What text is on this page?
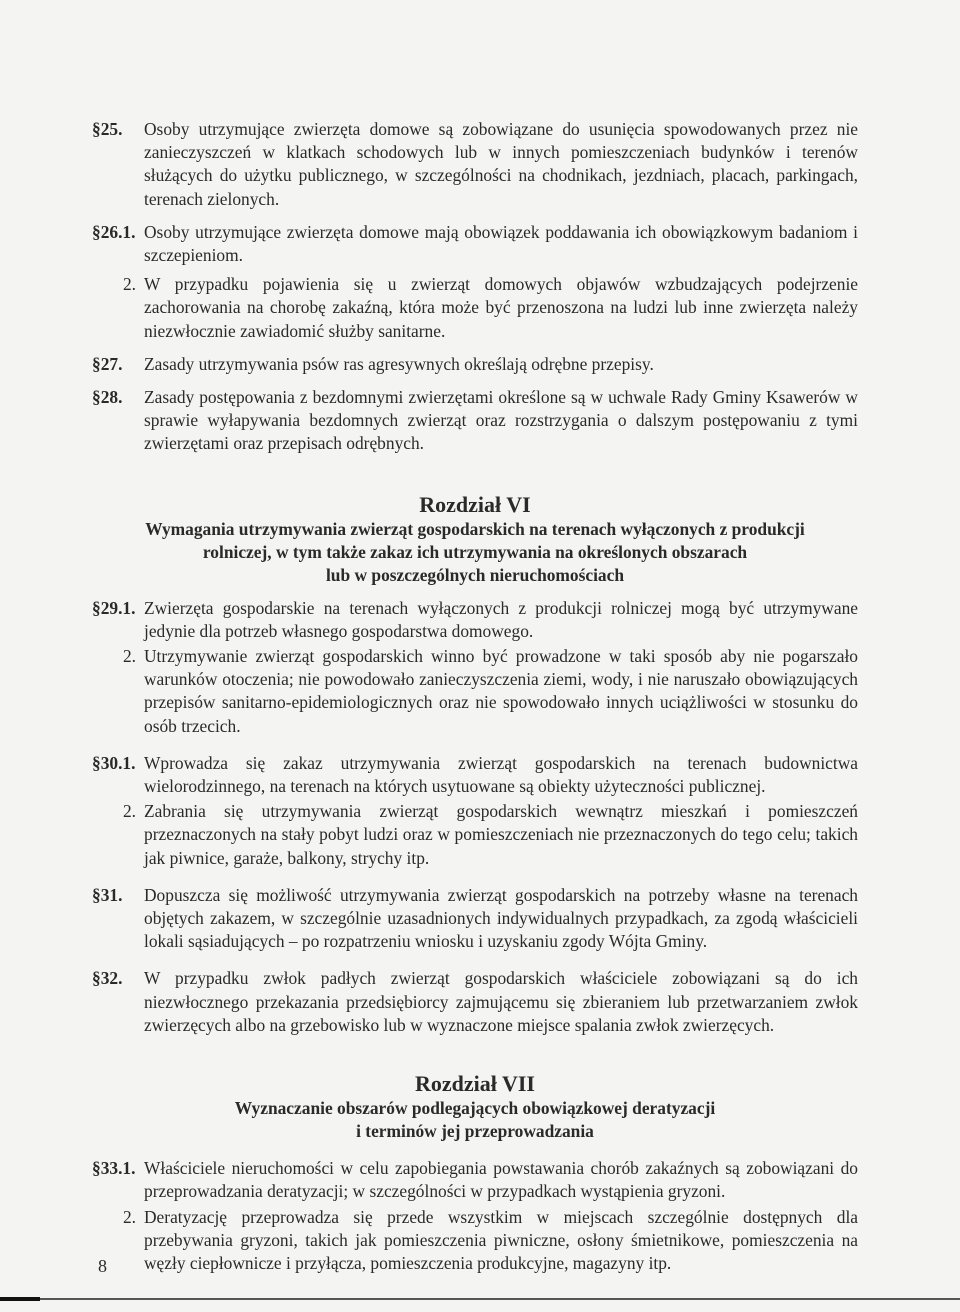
§25.	Osoby utrzymujące zwierzęta domowe są zobowiązane do usunięcia spowodowanych przez nie zanieczyszczeń w klatkach schodowych lub w innych pomieszczeniach budynków i terenów służących do użytku publicznego, w szczególności na chodnikach, jezdniach, placach, parkingach, terenach zielonych.
§26.1. Osoby utrzymujące zwierzęta domowe mają obowiązek poddawania ich obowiązkowym badaniom i szczepieniom.
2. W przypadku pojawienia się u zwierząt domowych objawów wzbudzających podejrzenie zachorowania na chorobę zakaźną, która może być przenoszona na ludzi lub inne zwierzęta należy niezwłocznie zawiadomić służby sanitarne.
§27.	Zasady utrzymywania psów ras agresywnych określają odrębne przepisy.
§28.	Zasady postępowania z bezdomnymi zwierzętami określone są w uchwale Rady Gminy Ksawerów w sprawie wyłapywania bezdomnych zwierząt oraz rozstrzygania o dalszym postępowaniu z tymi zwierzętami oraz przepisach odrębnych.
Rozdział VI
Wymagania utrzymywania zwierząt gospodarskich na terenach wyłączonych z produkcji
rolniczej, w tym także zakaz ich utrzymywania na określonych obszarach
lub w poszczególnych nieruchomościach
§29.1. Zwierzęta gospodarskie na terenach wyłączonych z produkcji rolniczej mogą być utrzymywane jedynie dla potrzeb własnego gospodarstwa domowego.
2. Utrzymywanie zwierząt gospodarskich winno być prowadzone w taki sposób aby nie pogarszało warunków otoczenia; nie powodowało zanieczyszczenia ziemi, wody, i nie naruszało obowiązujących przepisów sanitarno-epidemiologicznych oraz nie spowodowało innych uciążliwości w stosunku do osób trzecich.
§30.1. Wprowadza się zakaz utrzymywania zwierząt gospodarskich na terenach budownictwa wielorodzinnego, na terenach na których usytuowane są obiekty użyteczności publicznej.
2. Zabrania się utrzymywania zwierząt gospodarskich wewnątrz mieszkań i pomieszczeń przeznaczonych na stały pobyt ludzi oraz w pomieszczeniach nie przeznaczonych do tego celu; takich jak piwnice, garaże, balkony, strychy itp.
§31.	Dopuszcza się możliwość utrzymywania zwierząt gospodarskich na potrzeby własne na terenach objętych zakazem, w szczególnie uzasadnionych indywidualnych przypadkach, za zgodą właścicieli lokali sąsiadujących – po rozpatrzeniu wniosku i uzyskaniu zgody Wójta Gminy.
§32.	W przypadku zwłok padłych zwierząt gospodarskich właściciele zobowiązani są do ich niezwłocznego przekazania przedsiębiorcy zajmującemu się zbieraniem lub przetwarzaniem zwłok zwierzęcych albo na grzebowisko lub w wyznaczone miejsce spalania zwłok zwierzęcych.
Rozdział VII
Wyznaczanie obszarów podlegających obowiązkowej deratyzacji
i terminów jej przeprowadzania
§33.1. Właściciele nieruchomości w celu zapobiegania powstawania chorób zakaźnych są zobowiązani do przeprowadzania deratyzacji; w szczególności w przypadkach wystąpienia gryzoni.
2. Deratyzację przeprowadza się przede wszystkim w miejscach szczególnie dostępnych dla przebywania gryzoni, takich jak pomieszczenia piwniczne, osłony śmietnikowe, pomieszczenia na węzły ciepłownicze i przyłącza, pomieszczenia produkcyjne, magazyny itp.
8
